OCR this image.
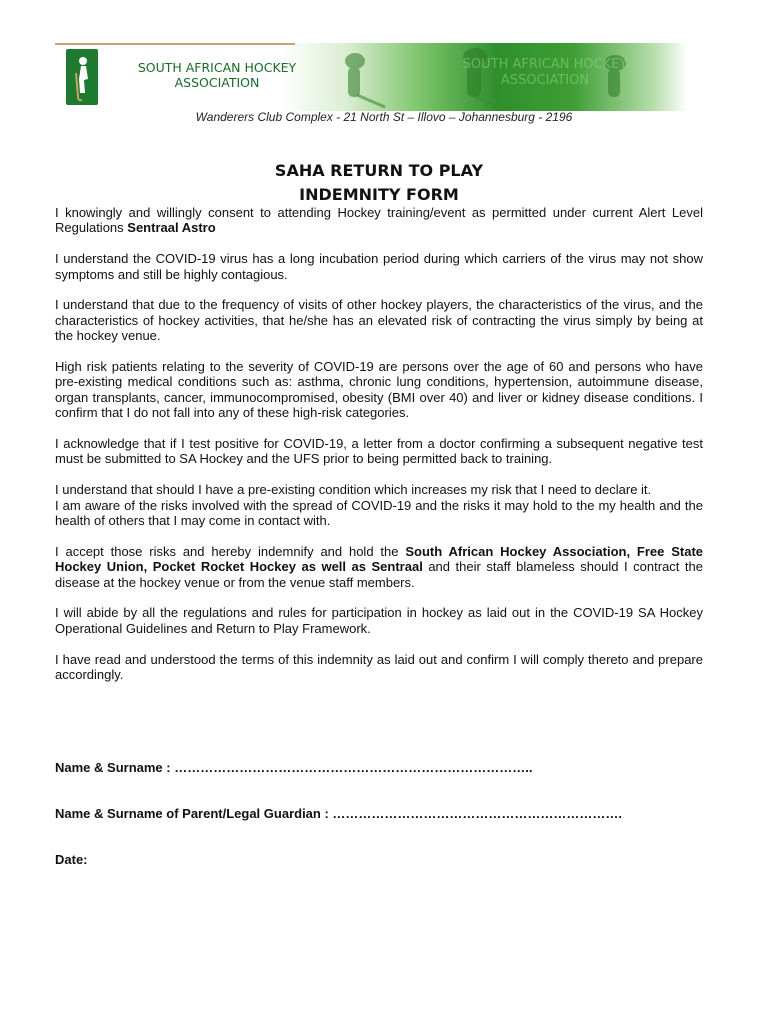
SOUTH AFRICAN HOCKEY
ASSOCIATION
SOUTH AFRICAN HOCKEY
ASSOCIATION
Wanderers Club Complex - 21 North St – Illovo – Johannesburg - 2196
SAHA RETURN TO PLAY
INDEMNITY FORM

I knowingly and willingly consent to attending Hockey training/event as permitted under current Alert Level Regulations Sentraal Astro

I understand the COVID-19 virus has a long incubation period during which carriers of the virus may not show symptoms and still be highly contagious.

I understand that due to the frequency of visits of other hockey players, the characteristics of the virus, and the characteristics of hockey activities, that he/she has an elevated risk of contracting the virus simply by being at the hockey venue.

High risk patients relating to the severity of COVID-19 are persons over the age of 60 and persons who have pre-existing medical conditions such as: asthma, chronic lung conditions, hypertension, autoimmune disease, organ transplants, cancer, immunocompromised, obesity (BMI over 40) and liver or kidney disease conditions. I confirm that I do not fall into any of these high-risk categories.

I acknowledge that if I test positive for COVID-19, a letter from a doctor confirming a subsequent negative test must be submitted to SA Hockey and the UFS prior to being permitted back to training.

I understand that should I have a pre-existing condition which increases my risk that I need to declare it.

I am aware of the risks involved with the spread of COVID-19 and the risks it may hold to the my health and the health of others that I may come in contact with.

I accept those risks and hereby indemnify and hold the South African Hockey Association, Free State Hockey Union, Pocket Rocket Hockey as well as Sentraal and their staff blameless should I contract the disease at the hockey venue or from the venue staff members.

I will abide by all the regulations and rules for participation in hockey as laid out in the COVID-19 SA Hockey Operational Guidelines and Return to Play Framework.

I have read and understood the terms of this indemnity as laid out and confirm I will comply thereto and prepare accordingly.

Name & Surname : ………………………………………………………………………..
Name & Surname of Parent/Legal Guardian : ………………………………………………………….
Date:
